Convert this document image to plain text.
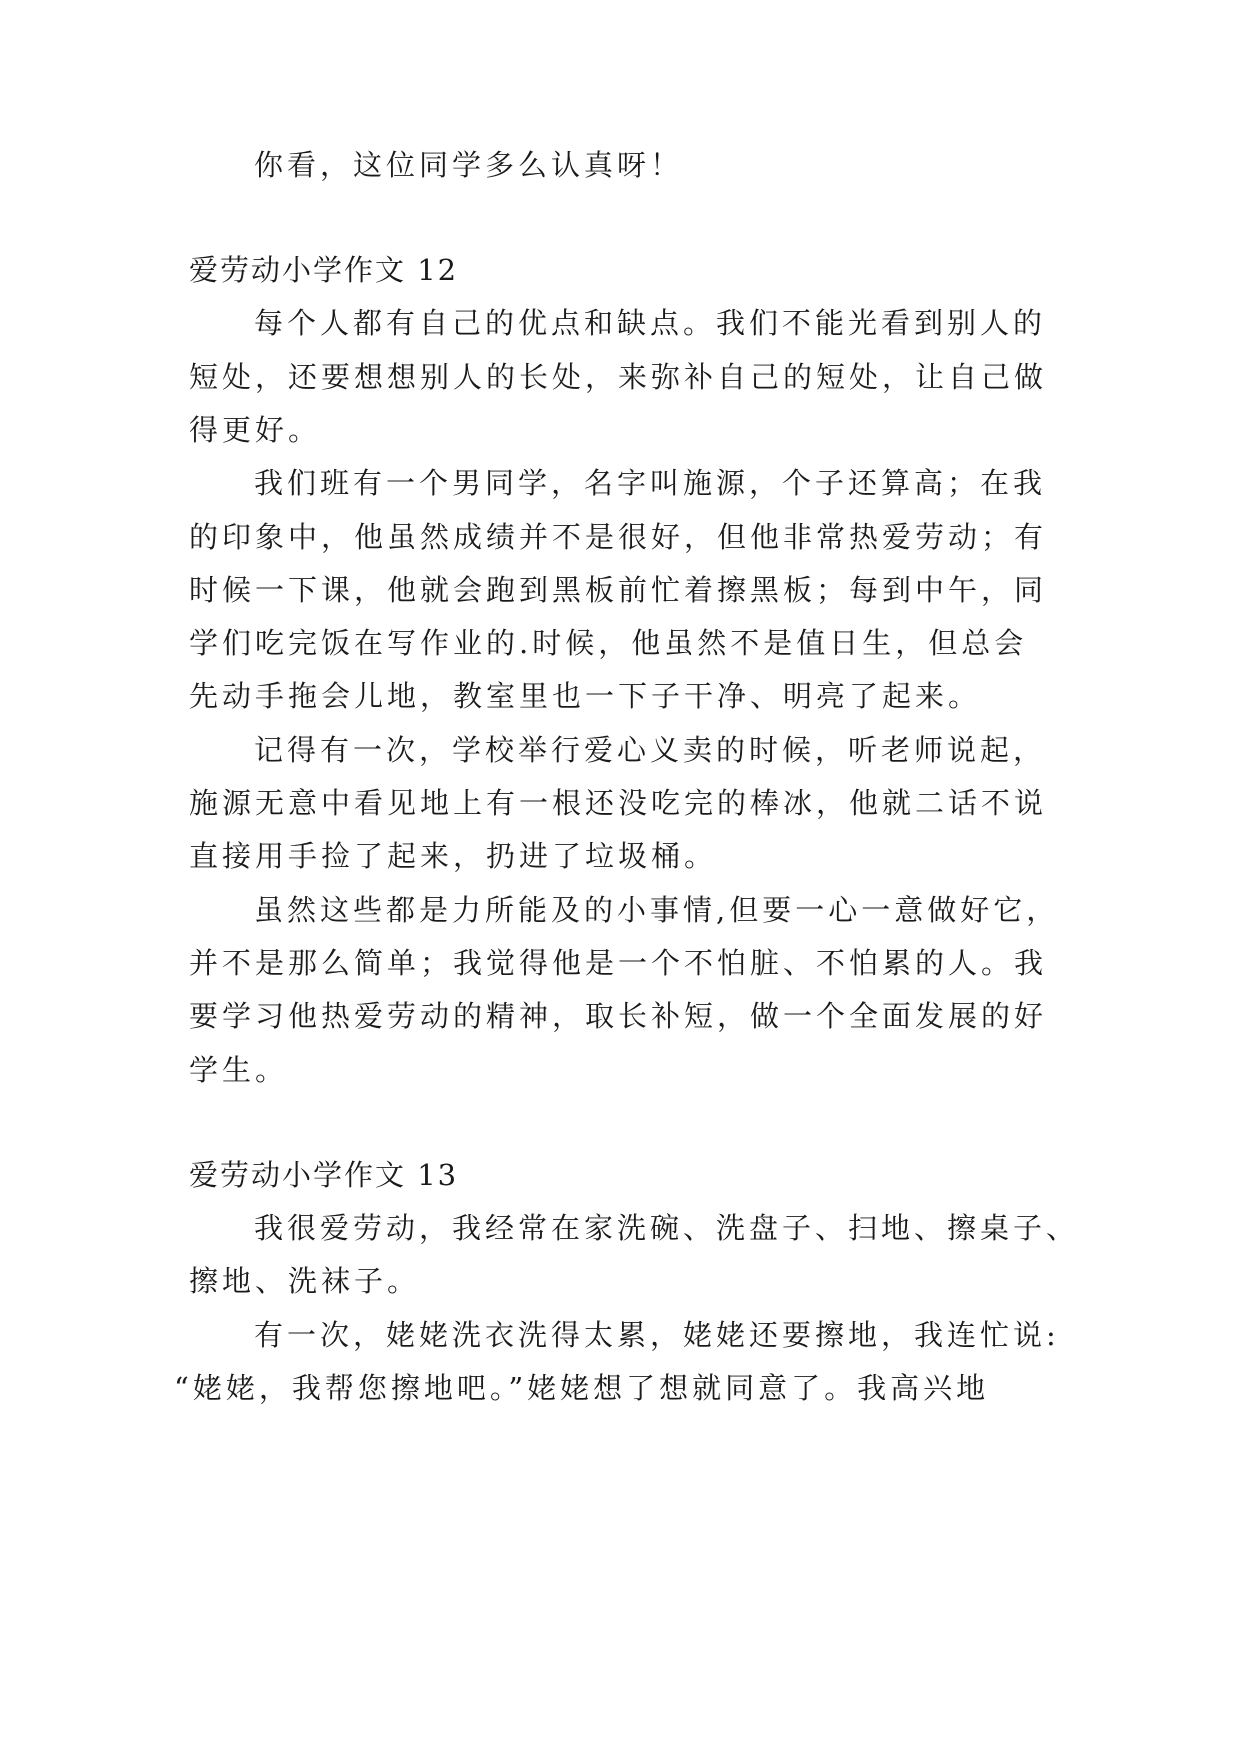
你看，这位同学多么认真呀！
爱劳动小学作文 12
每个人都有自己的优点和缺点。我们不能光看到别人的
短处，还要想想别人的长处，来弥补自己的短处，让自己做
得更好。
我们班有一个男同学，名字叫施源，个子还算高；在我
的印象中，他虽然成绩并不是很好，但他非常热爱劳动；有
时候一下课，他就会跑到黑板前忙着擦黑板；每到中午，同
学们吃完饭在写作业的.时候，他虽然不是值日生，但总会
先动手拖会儿地，教室里也一下子干净、明亮了起来。
记得有一次，学校举行爱心义卖的时候，听老师说起，
施源无意中看见地上有一根还没吃完的棒冰，他就二话不说
直接用手捡了起来，扔进了垃圾桶。
虽然这些都是力所能及的小事情,但要一心一意做好它，
并不是那么简单；我觉得他是一个不怕脏、不怕累的人。我
要学习他热爱劳动的精神，取长补短，做一个全面发展的好
学生。
爱劳动小学作文 13
我很爱劳动，我经常在家洗碗、洗盘子、扫地、擦桌子、
擦地、洗袜子。
有一次，姥姥洗衣洗得太累，姥姥还要擦地，我连忙说:
“姥姥，我帮您擦地吧。”姥姥想了想就同意了。我高兴地
